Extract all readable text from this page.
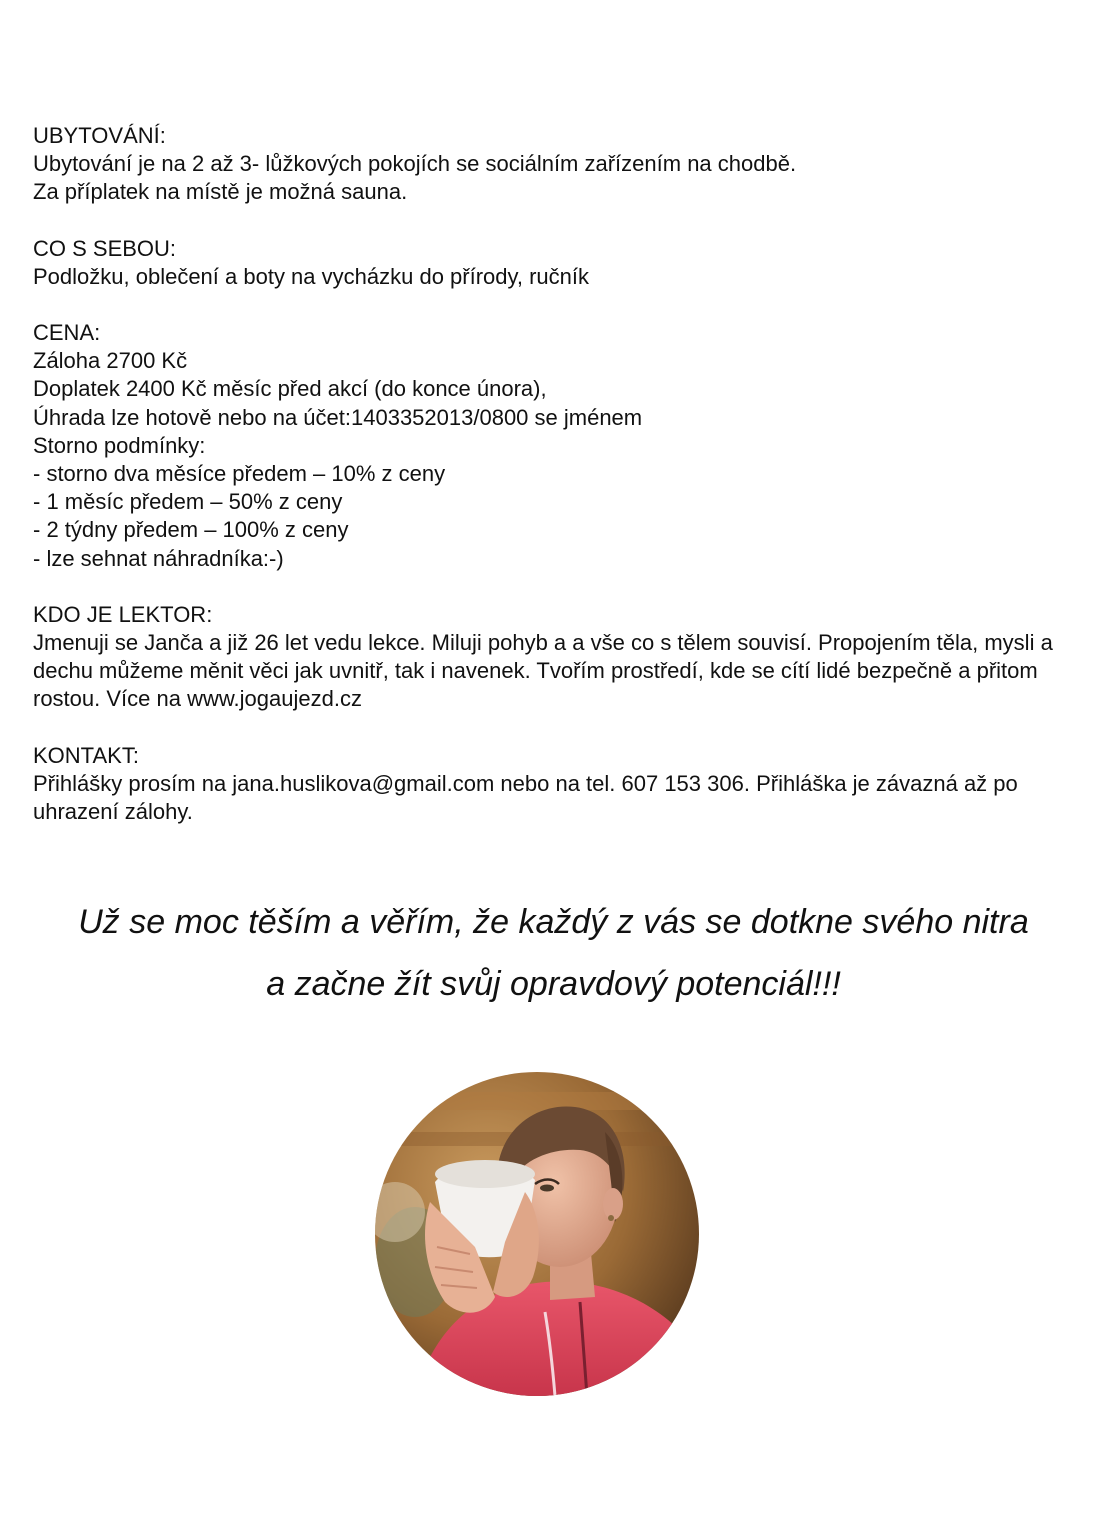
UBYTOVÁNÍ:
Ubytování je na 2 až 3- lůžkových pokojích se sociálním zařízením na chodbě.
Za příplatek na místě je možná sauna.
CO S SEBOU:
Podložku, oblečení a boty na vycházku do přírody, ručník
CENA:
Záloha 2700 Kč
Doplatek 2400 Kč měsíc před akcí (do konce února),
Úhrada lze hotově nebo na účet:1403352013/0800 se jménem
Storno podmínky:
- storno dva měsíce předem – 10% z ceny
- 1 měsíc předem – 50% z ceny
- 2 týdny předem – 100% z ceny
- lze sehnat náhradníka:-)
KDO JE LEKTOR:
Jmenuji se Janča a již 26 let vedu lekce. Miluji pohyb a a vše co s tělem souvisí. Propojením těla, mysli a dechu můžeme měnit věci jak uvnitř, tak i navenek. Tvořím prostředí, kde se cítí lidé bezpečně a přitom rostou. Více na www.jogaujezd.cz
KONTAKT:
Přihlášky prosím na jana.huslikova@gmail.com nebo na tel. 607 153 306. Přihláška je závazná až po uhrazení zálohy.
Už se moc těším a věřím, že každý z vás se dotkne svého nitra
a začne žít svůj opravdový potenciál!!!
